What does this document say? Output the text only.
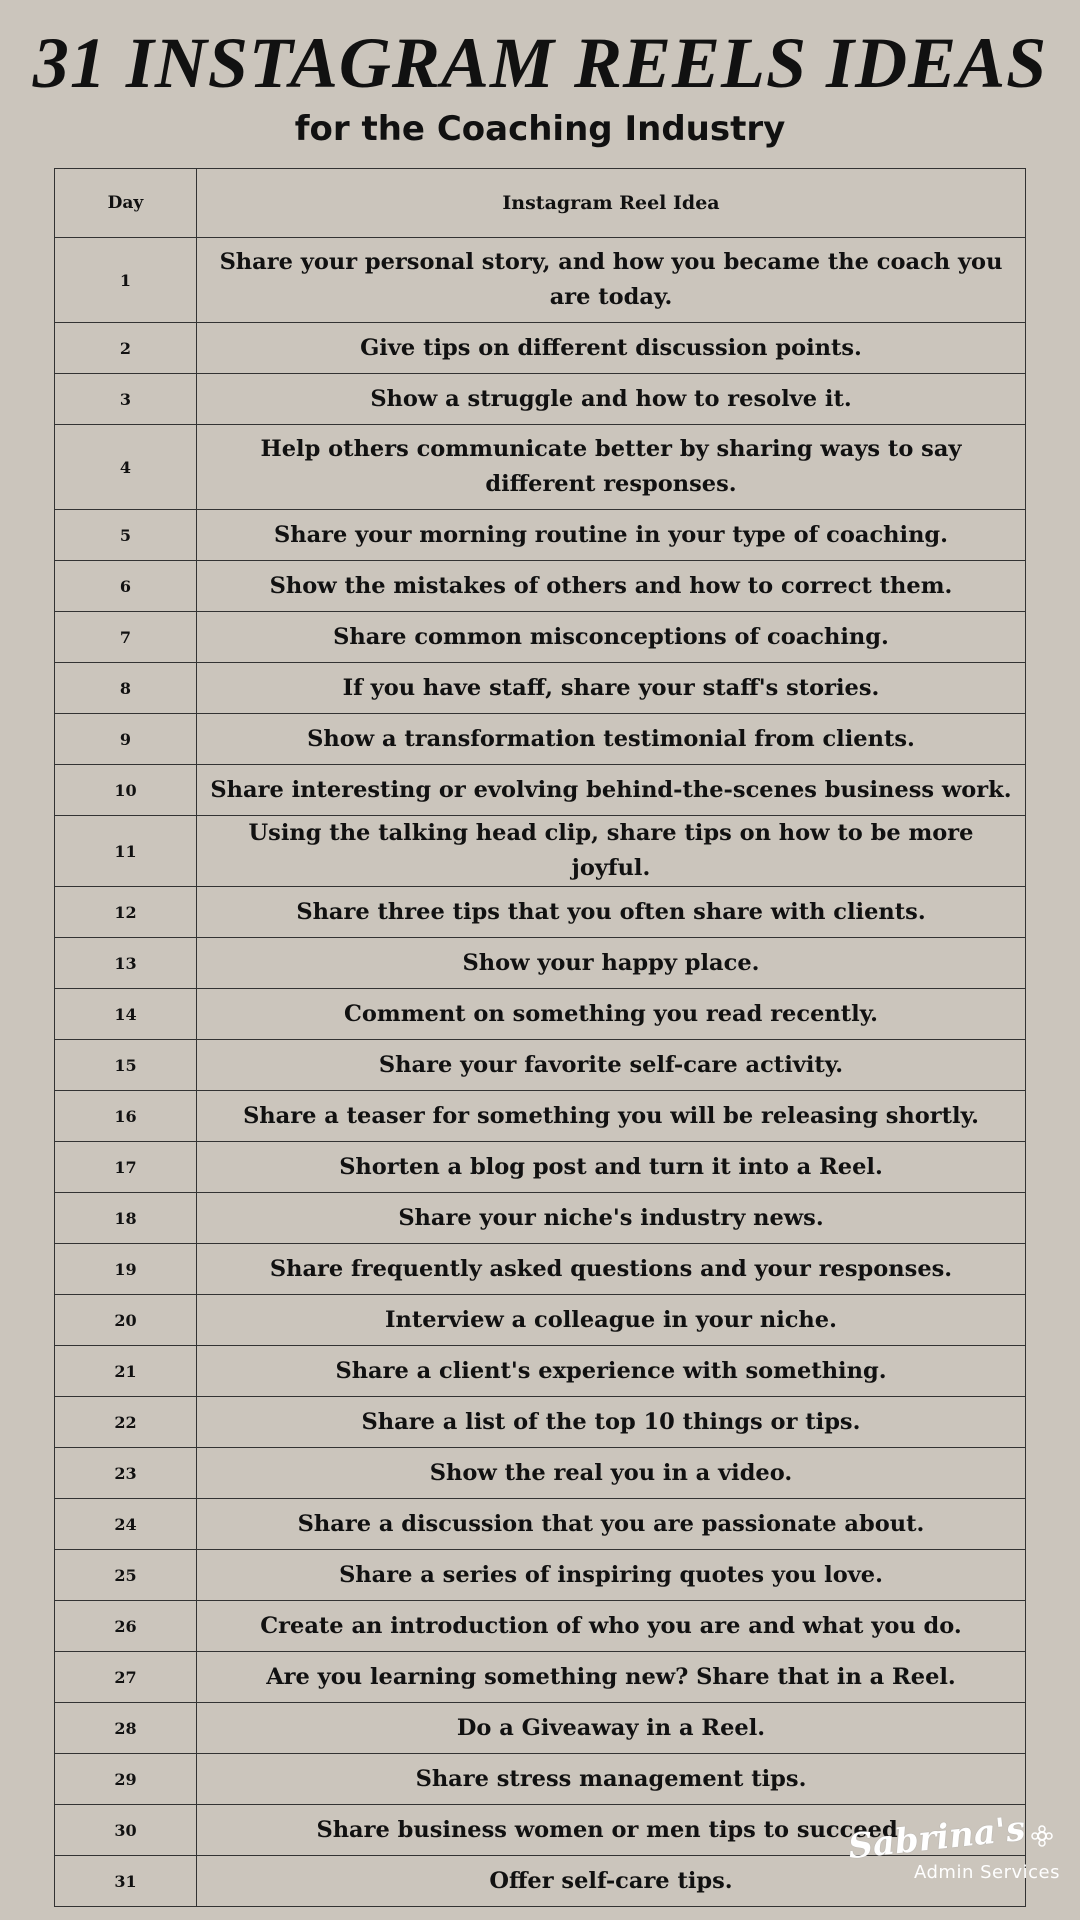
31 INSTAGRAM REELS IDEAS
for the Coaching Industry
Day	Instagram Reel Idea
1	Share your personal story, and how you became the coach you are today.
2	Give tips on different discussion points.
3	Show a struggle and how to resolve it.
4	Help others communicate better by sharing ways to say different responses.
5	Share your morning routine in your type of coaching.
6	Show the mistakes of others and how to correct them.
7	Share common misconceptions of coaching.
8	If you have staff, share your staff's stories.
9	Show a transformation testimonial from clients.
10	Share interesting or evolving behind-the-scenes business work.
11	Using the talking head clip, share tips on how to be more joyful.
12	Share three tips that you often share with clients.
13	Show your happy place.
14	Comment on something you read recently.
15	Share your favorite self-care activity.
16	Share a teaser for something you will be releasing shortly.
17	Shorten a blog post and turn it into a Reel.
18	Share your niche's industry news.
19	Share frequently asked questions and your responses.
20	Interview a colleague in your niche.
21	Share a client's experience with something.
22	Share a list of the top 10 things or tips.
23	Show the real you in a video.
24	Share a discussion that you are passionate about.
25	Share a series of inspiring quotes you love.
26	Create an introduction of who you are and what you do.
27	Are you learning something new? Share that in a Reel.
28	Do a Giveaway in a Reel.
29	Share stress management tips.
30	Share business women or men tips to succeed.
31	Offer self-care tips.
Sabrina's
Admin Services
